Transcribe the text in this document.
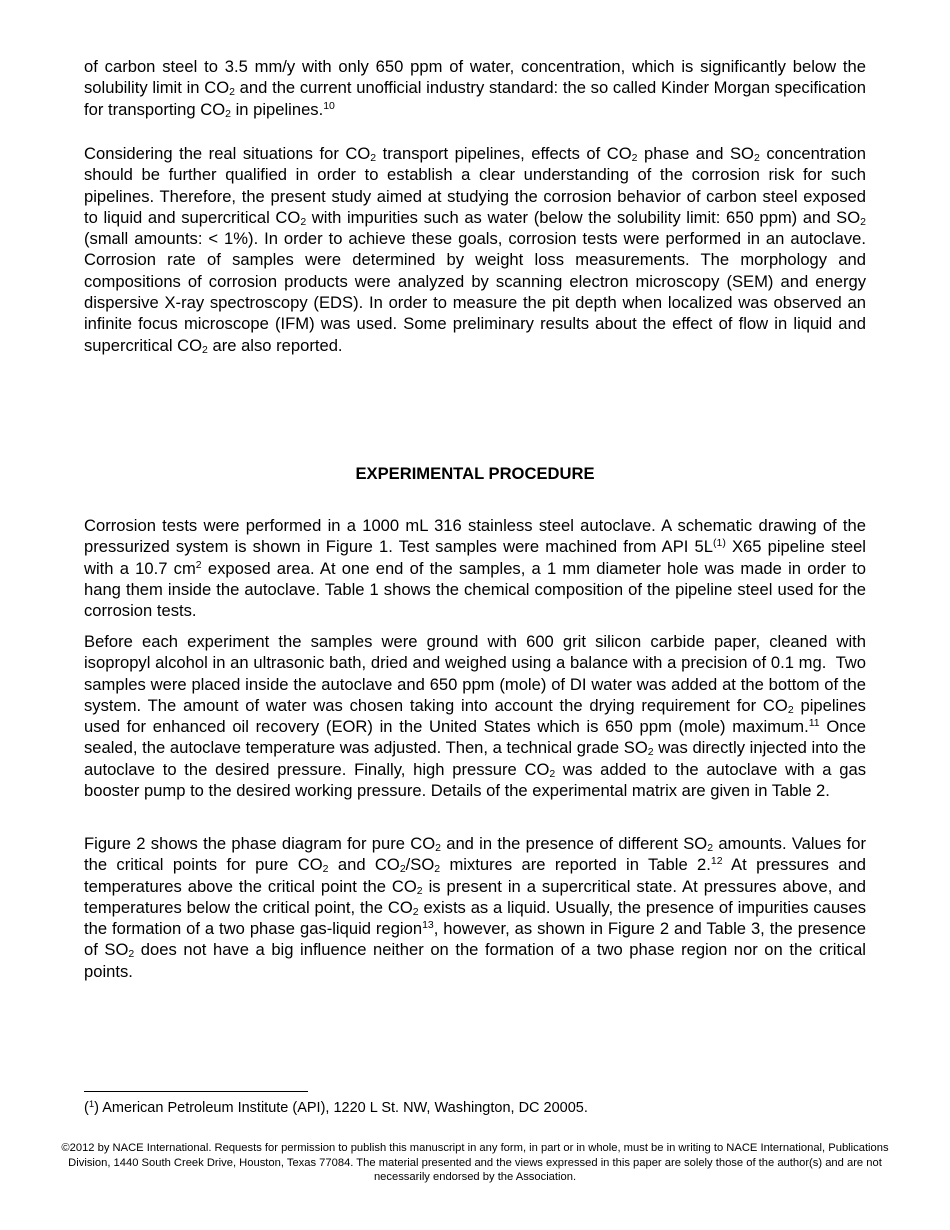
of carbon steel to 3.5 mm/y with only 650 ppm of water, concentration, which is significantly below the solubility limit in $CO_2$ and the current unofficial industry standard: the so called Kinder Morgan specification for transporting $CO_2$ in pipelines.$^{10}$

Considering the real situations for $CO_2$ transport pipelines, effects of $CO_2$ phase and $SO_2$ concentration should be further qualified in order to establish a clear understanding of the corrosion risk for such pipelines. Therefore, the present study aimed at studying the corrosion behavior of carbon steel exposed to liquid and supercritical $CO_2$ with impurities such as water (below the solubility limit: 650 ppm) and $SO_2$ (small amounts: < 1%). In order to achieve these goals, corrosion tests were performed in an autoclave. Corrosion rate of samples were determined by weight loss measurements. The morphology and compositions of corrosion products were analyzed by scanning electron microscopy (SEM) and energy dispersive X-ray spectroscopy (EDS). In order to measure the pit depth when localized was observed an infinite focus microscope (IFM) was used. Some preliminary results about the effect of flow in liquid and supercritical $CO_2$ are also reported.

EXPERIMENTAL PROCEDURE

Corrosion tests were performed in a 1000 mL 316 stainless steel autoclave. A schematic drawing of the pressurized system is shown in Figure 1. Test samples were machined from API $5L^{(1)}$ X65 pipeline steel with a 10.7 $cm^2$ exposed area. At one end of the samples, a 1 mm diameter hole was made in order to hang them inside the autoclave. Table 1 shows the chemical composition of the pipeline steel used for the corrosion tests.

Before each experiment the samples were ground with 600 grit silicon carbide paper, cleaned with isopropyl alcohol in an ultrasonic bath, dried and weighed using a balance with a precision of 0.1 mg.  Two samples were placed inside the autoclave and 650 ppm (mole) of DI water was added at the bottom of the system. The amount of water was chosen taking into account the drying requirement for $CO_2$ pipelines used for enhanced oil recovery (EOR) in the United States which is 650 ppm (mole) maximum.$^{11}$ Once sealed, the autoclave temperature was adjusted. Then, a technical grade $SO_2$ was directly injected into the autoclave to the desired pressure. Finally, high pressure $CO_2$ was added to the autoclave with a gas booster pump to the desired working pressure. Details of the experimental matrix are given in Table 2.

Figure 2 shows the phase diagram for pure $CO_2$ and in the presence of different $SO_2$ amounts. Values for the critical points for pure $CO_2$ and $CO_2/SO_2$ mixtures are reported in Table 2.12 At pressures and temperatures above the critical point the $CO_2$ is present in a supercritical state. At pressures above, and temperatures below the critical point, the $CO_2$ exists as a liquid. Usually, the presence of impurities causes the formation of a two phase gas-liquid region$^{13}$, however, as shown in Figure 2 and Table 3, the presence of $SO_2$ does not have a big influence neither on the formation of a two phase region nor on the critical points.

($^1$) American Petroleum Institute (API), 1220 L St. NW, Washington, DC 20005.

©2012 by NACE International. Requests for permission to publish this manuscript in any form, in part or in whole, must be in writing to NACE International, Publications Division, 1440 South Creek Drive, Houston, Texas 77084. The material presented and the views expressed in this paper are solely those of the author(s) and are not necessarily endorsed by the Association.
